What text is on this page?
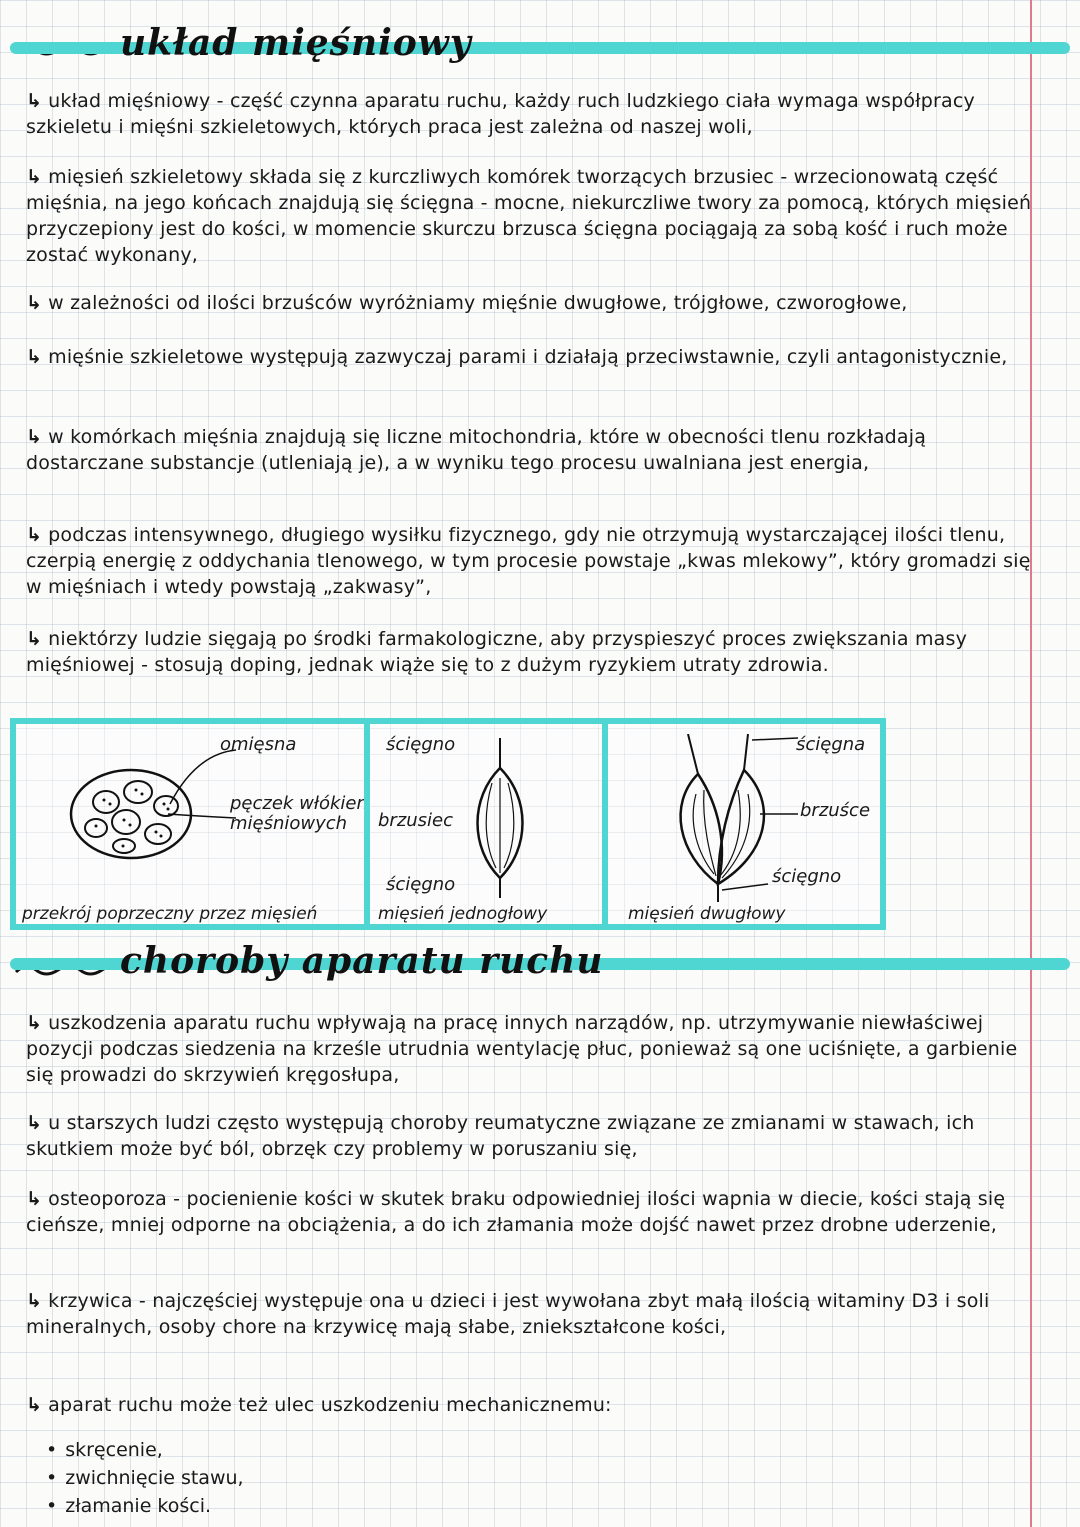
układ mięśniowy
↳ układ mięśniowy - część czynna aparatu ruchu, każdy ruch ludzkiego ciała wymaga współpracy szkieletu i mięśni szkieletowych, których praca jest zależna od naszej woli,
↳ mięsień szkieletowy składa się z kurczliwych komórek tworzących brzusiec - wrzecionowatą część mięśnia, na jego końcach znajdują się ścięgna - mocne, niekurczliwe twory za pomocą, których mięsień przyczepiony jest do kości, w momencie skurczu brzusca ścięgna pociągają za sobą kość i ruch może zostać wykonany,
↳ w zależności od ilości brzuśców wyróżniamy mięśnie dwugłowe, trójgłowe, czworogłowe,
↳ mięśnie szkieletowe występują zazwyczaj parami i działają przeciwstawnie, czyli antagonistycznie,
↳ w komórkach mięśnia znajdują się liczne mitochondria, które w obecności tlenu rozkładają dostarczane substancje (utleniają je), a w wyniku tego procesu uwalniana jest energia,
↳ podczas intensywnego, długiego wysiłku fizycznego, gdy nie otrzymują wystarczającej ilości tlenu, czerpią energię z oddychania tlenowego, w tym procesie powstaje „kwas mlekowy”, który gromadzi się w mięśniach i wtedy powstają „zakwasy”,
↳ niektórzy ludzie sięgają po środki farmakologiczne, aby przyspieszyć proces zwiększania masy mięśniowej - stosują doping, jednak wiąże się to z dużym ryzykiem utraty zdrowia.
omięsna
pęczek włókien mięśniowych
przekrój poprzeczny przez mięsień
ścięgno
brzusiec
ścięgno
mięsień jednogłowy
ścięgna
brzuśce
ścięgno
mięsień dwugłowy
choroby aparatu ruchu
↳ uszkodzenia aparatu ruchu wpływają na pracę innych narządów, np. utrzymywanie niewłaściwej pozycji podczas siedzenia na krześle utrudnia wentylację płuc, ponieważ są one uciśnięte, a garbienie się prowadzi do skrzywień kręgosłupa,
↳ u starszych ludzi często występują choroby reumatyczne związane ze zmianami w stawach, ich skutkiem może być ból, obrzęk czy problemy w poruszaniu się,
↳ osteoporoza - pocienienie kości w skutek braku odpowiedniej ilości wapnia w diecie, kości stają się cieńsze, mniej odporne na obciążenia, a do ich złamania może dojść nawet przez drobne uderzenie,
↳ krzywica - najczęściej występuje ona u dzieci i jest wywołana zbyt małą ilością witaminy D3 i soli mineralnych, osoby chore na krzywicę mają słabe, zniekształcone kości,
↳ aparat ruchu może też ulec uszkodzeniu mechanicznemu:
• skręcenie,
• zwichnięcie stawu,
• złamanie kości.
